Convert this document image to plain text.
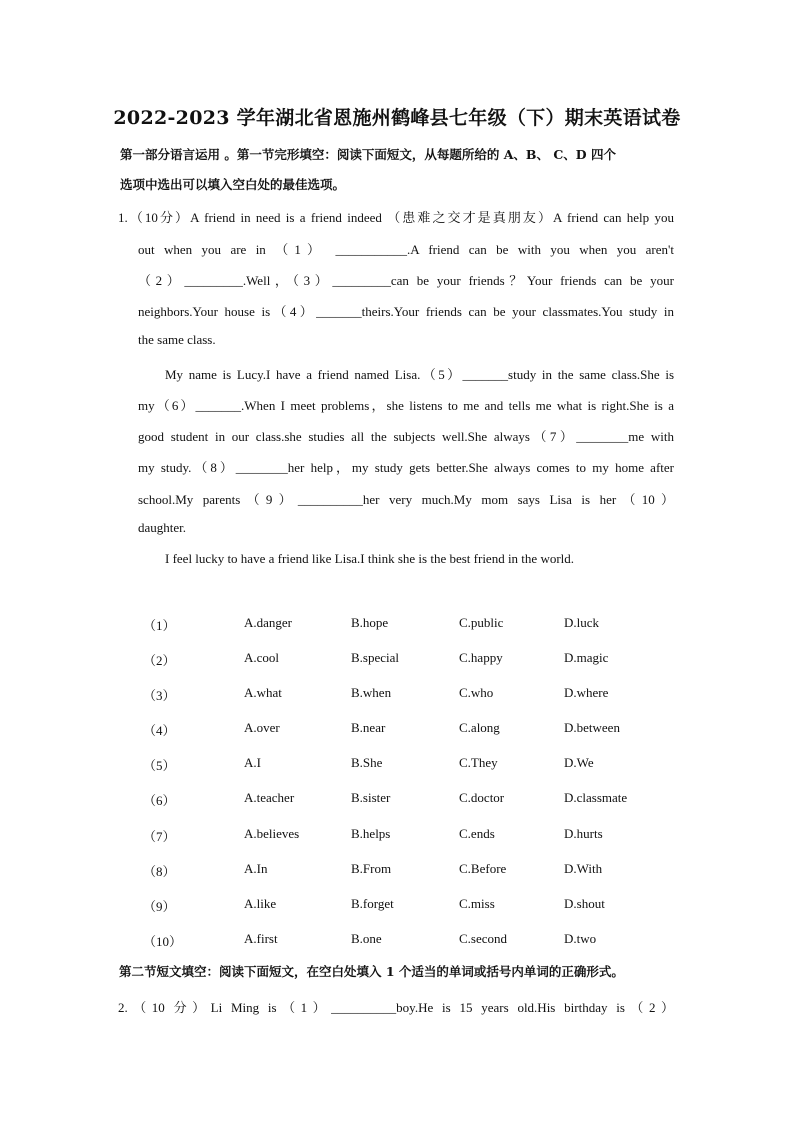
2022-2023 学年湖北省恩施州鹤峰县七年级（下）期末英语试卷
第一部分语言运用 。第一节完形填空：阅读下面短文，从每题所给的 A、B、 C、D 四个
选项中选出可以填入空白处的最佳选项。
1.（10分）A friend in need is a friend indeed （患难之交才是真朋友）A friend can help you
out when you are in （1） ___________.A friend can be with you when you aren't
（2）_________.Well，（3）_________can be your friends？Your friends can be your
neighbors.Your house is（4）_______theirs.Your friends can be your classmates.You study in
the same class.
My name is Lucy.I have a friend named Lisa.（5）_______study in the same class.She is
my（6）_______.When I meet problems，she listens to me and tells me what is right.She is a
good student in our class.she studies all the subjects well.She always（7）________me with
my study.（8）________her help，my study gets better.She always comes to my home after
school.My parents（9）__________her very much.My mom says Lisa is her（10）
daughter.
I feel lucky to have a friend like Lisa.I think she is the best friend in the world.
（1）	A.danger	B.hope	C.public	D.luck
（2）	A.cool	B.special	C.happy	D.magic
（3）	A.what	B.when	C.who	D.where
（4）	A.over	B.near	C.along	D.between
（5）	A.I	B.She	C.They	D.We
（6）	A.teacher	B.sister	C.doctor	D.classmate
（7）	A.believes	B.helps	C.ends	D.hurts
（8）	A.In	B.From	C.Before	D.With
（9）	A.like	B.forget	C.miss	D.shout
（10）	A.first	B.one	C.second	D.two
第二节短文填空：阅读下面短文，在空白处填入 1 个适当的单词或括号内单词的正确形式。
2.（10 分）Li Ming is（1）__________boy.He is 15 years old.His birthday is（2）
